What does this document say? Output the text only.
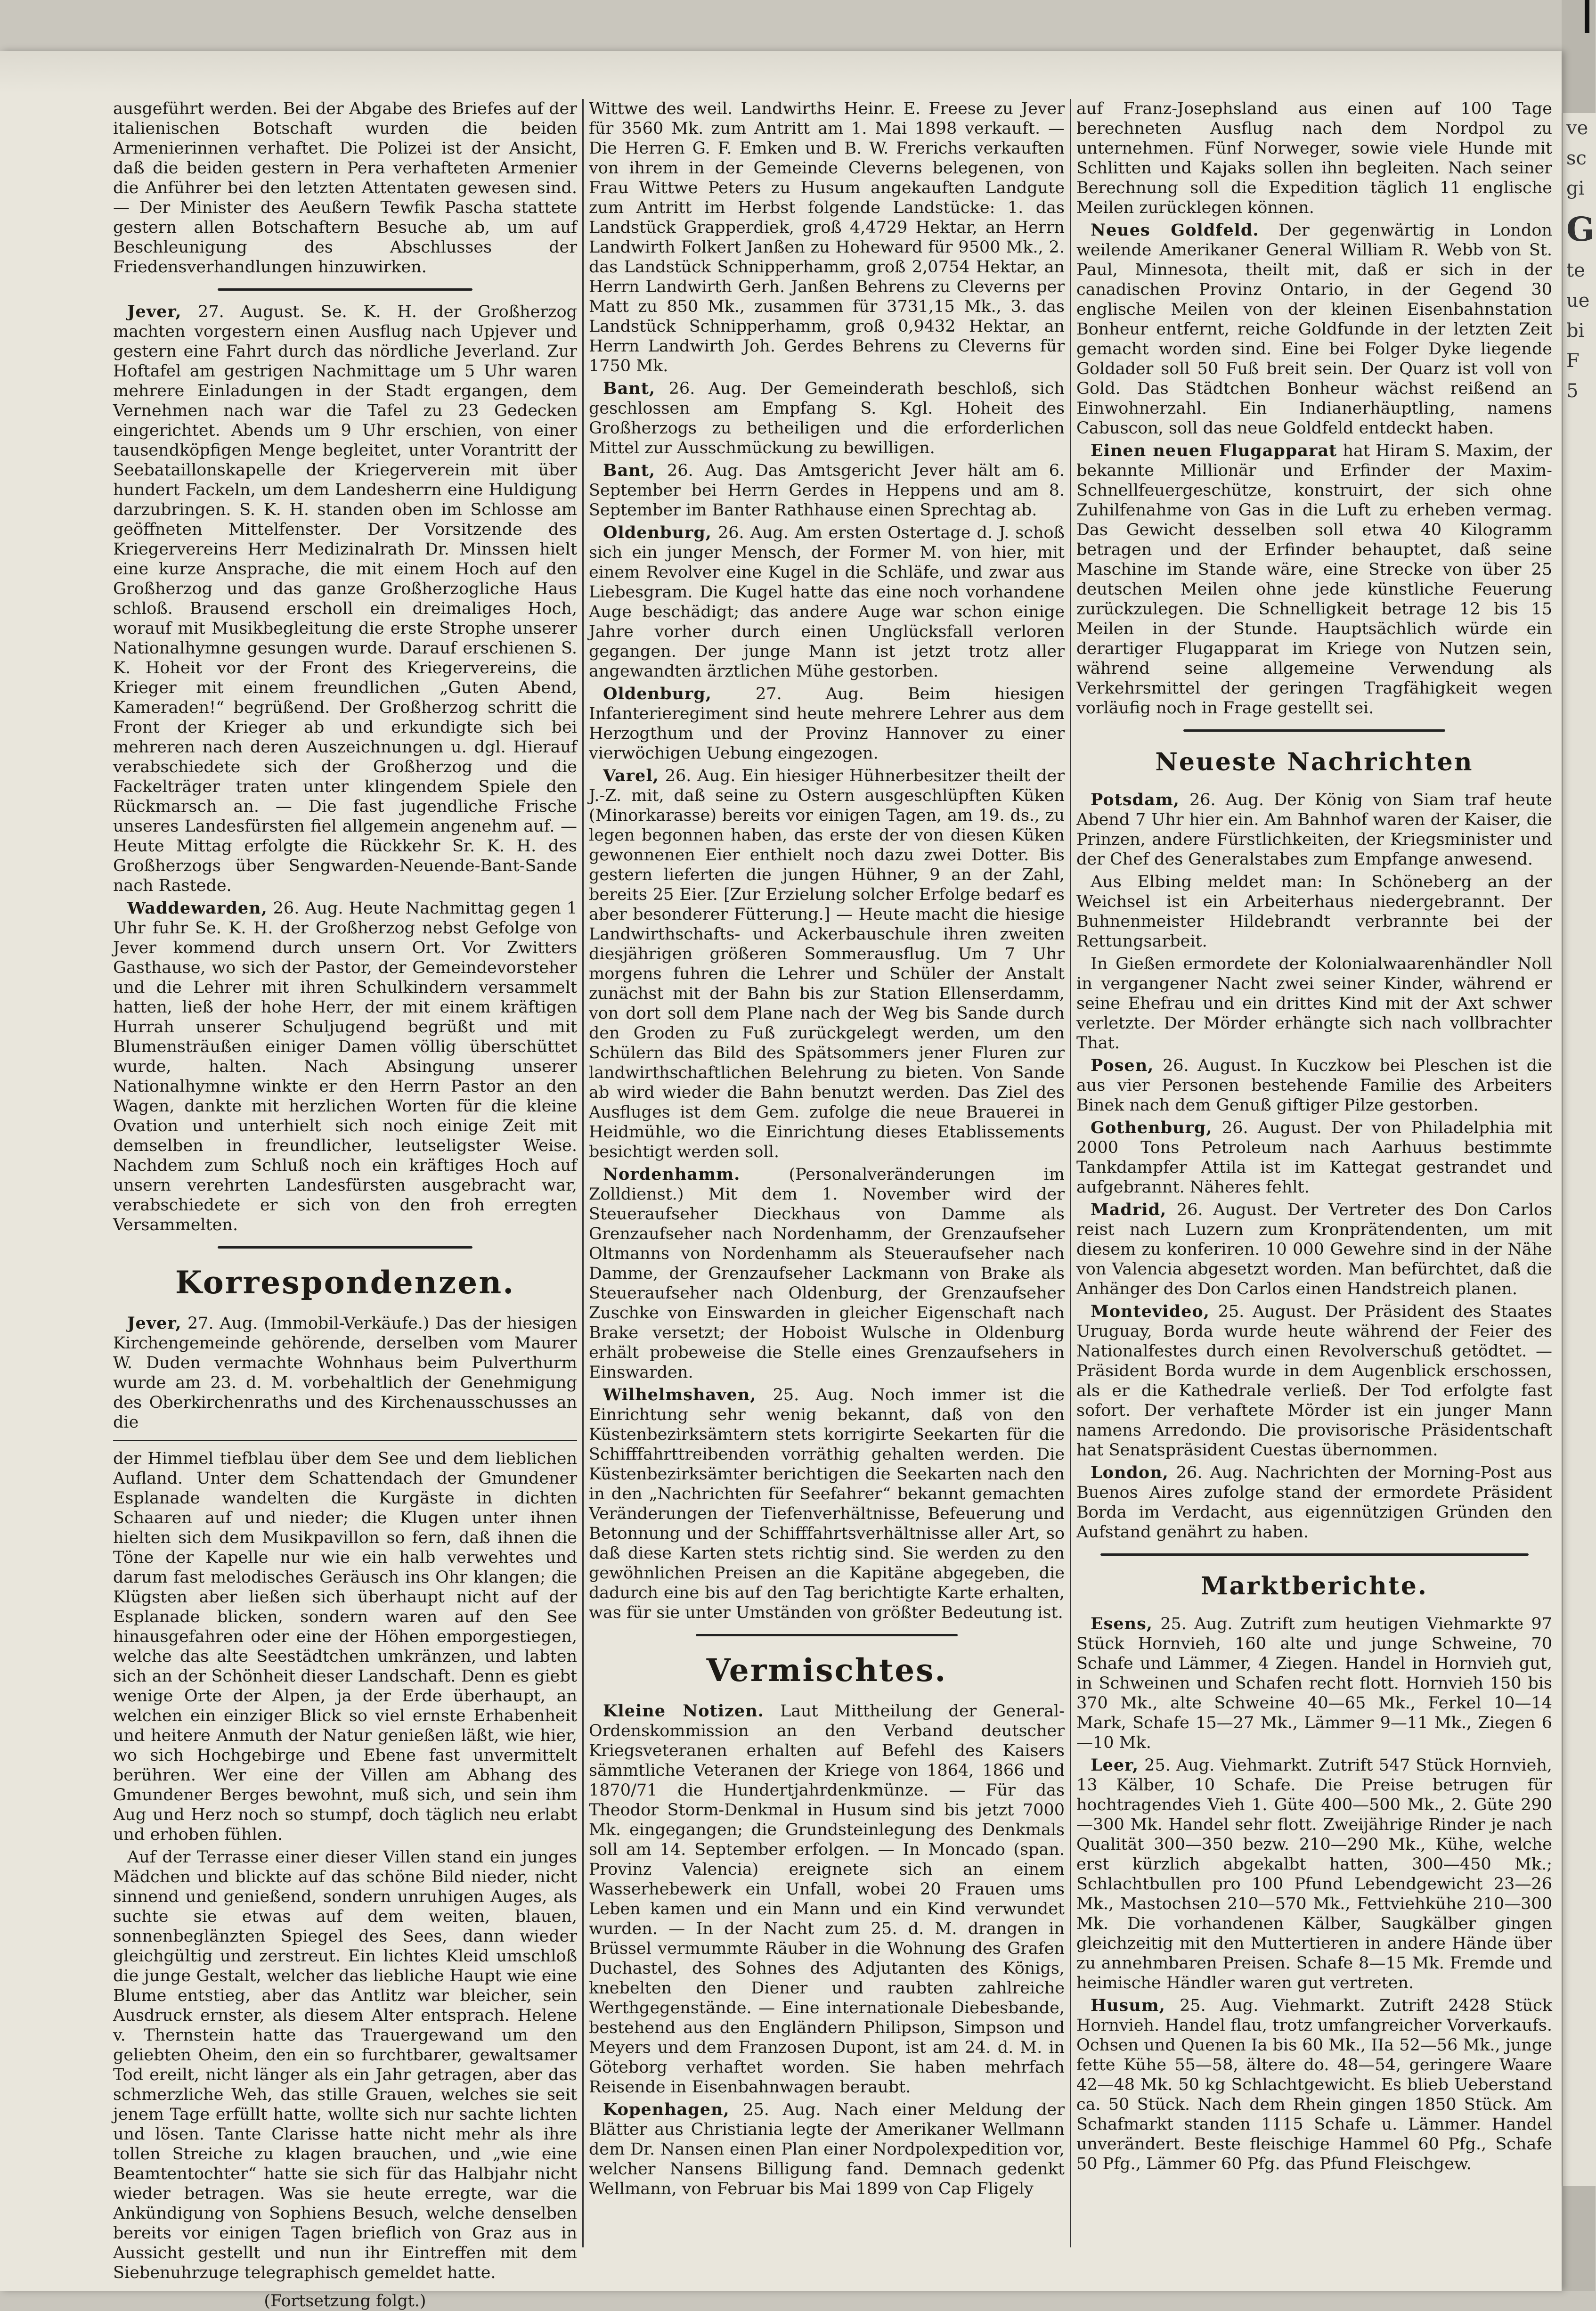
ve
sc
gi
G
te
ue
bi
F
5

ausgeführt werden. Bei der Abgabe des Briefes auf der italienischen Botschaft wurden die beiden Armenierinnen verhaftet. Die Polizei ist der Ansicht, daß die beiden gestern in Pera verhafteten Armenier die Anführer bei den letzten Attentaten gewesen sind. — Der Minister des Aeußern Tewfik Pascha stattete gestern allen Botschaftern Besuche ab, um auf Beschleunigung des Abschlusses der Friedensverhandlungen hinzuwirken.

Jever, 27. August. Se. K. H. der Großherzog machten vorgestern einen Ausflug nach Upjever und gestern eine Fahrt durch das nördliche Jeverland. Zur Hoftafel am gestrigen Nachmittage um 5 Uhr waren mehrere Einladungen in der Stadt ergangen, dem Vernehmen nach war die Tafel zu 23 Gedecken eingerichtet. Abends um 9 Uhr erschien, von einer tausendköpfigen Menge begleitet, unter Vorantritt der Seebataillonskapelle der Kriegerverein mit über hundert Fackeln, um dem Landesherrn eine Huldigung darzubringen. S. K. H. standen oben im Schlosse am geöffneten Mittelfenster. Der Vorsitzende des Kriegervereins Herr Medizinalrath Dr. Minssen hielt eine kurze Ansprache, die mit einem Hoch auf den Großherzog und das ganze Großherzogliche Haus schloß. Brausend erscholl ein dreimaliges Hoch, worauf mit Musikbegleitung die erste Strophe unserer Nationalhymne gesungen wurde. Darauf erschienen S. K. Hoheit vor der Front des Kriegervereins, die Krieger mit einem freundlichen „Guten Abend, Kameraden!“ begrüßend. Der Großherzog schritt die Front der Krieger ab und erkundigte sich bei mehreren nach deren Auszeichnungen u. dgl. Hierauf verabschiedete sich der Großherzog und die Fackelträger traten unter klingendem Spiele den Rückmarsch an. — Die fast jugendliche Frische unseres Landesfürsten fiel allgemein angenehm auf. — Heute Mittag erfolgte die Rückkehr Sr. K. H. des Großherzogs über Sengwarden-Neuende-Bant-Sande nach Rastede.

Waddewarden, 26. Aug. Heute Nachmittag gegen 1 Uhr fuhr Se. K. H. der Großherzog nebst Gefolge von Jever kommend durch unsern Ort. Vor Zwitters Gasthause, wo sich der Pastor, der Gemeindevorsteher und die Lehrer mit ihren Schulkindern versammelt hatten, ließ der hohe Herr, der mit einem kräftigen Hurrah unserer Schuljugend begrüßt und mit Blumensträußen einiger Damen völlig überschüttet wurde, halten. Nach Absingung unserer Nationalhymne winkte er den Herrn Pastor an den Wagen, dankte mit herzlichen Worten für die kleine Ovation und unterhielt sich noch einige Zeit mit demselben in freundlicher, leutseligster Weise. Nachdem zum Schluß noch ein kräftiges Hoch auf unsern verehrten Landesfürsten ausgebracht war, verabschiedete er sich von den froh erregten Versammelten.

Korrespondenzen.

Jever, 27. Aug. (Immobil-Verkäufe.) Das der hiesigen Kirchengemeinde gehörende, derselben vom Maurer W. Duden vermachte Wohnhaus beim Pulverthurm wurde am 23. d. M. vorbehaltlich der Genehmigung des Oberkirchenraths und des Kirchenausschusses an die

der Himmel tiefblau über dem See und dem lieblichen Aufland. Unter dem Schattendach der Gmundener Esplanade wandelten die Kurgäste in dichten Schaaren auf und nieder; die Klugen unter ihnen hielten sich dem Musikpavillon so fern, daß ihnen die Töne der Kapelle nur wie ein halb verwehtes und darum fast melodisches Geräusch ins Ohr klangen; die Klügsten aber ließen sich überhaupt nicht auf der Esplanade blicken, sondern waren auf den See hinausgefahren oder eine der Höhen emporgestiegen, welche das alte Seestädtchen umkränzen, und labten sich an der Schönheit dieser Landschaft. Denn es giebt wenige Orte der Alpen, ja der Erde überhaupt, an welchen ein einziger Blick so viel ernste Erhabenheit und heitere Anmuth der Natur genießen läßt, wie hier, wo sich Hochgebirge und Ebene fast unvermittelt berühren. Wer eine der Villen am Abhang des Gmundener Berges bewohnt, muß sich, und sein ihm Aug und Herz noch so stumpf, doch täglich neu erlabt und erhoben fühlen.

Auf der Terrasse einer dieser Villen stand ein junges Mädchen und blickte auf das schöne Bild nieder, nicht sinnend und genießend, sondern unruhigen Auges, als suchte sie etwas auf dem weiten, blauen, sonnenbeglänzten Spiegel des Sees, dann wieder gleichgültig und zerstreut. Ein lichtes Kleid umschloß die junge Gestalt, welcher das liebliche Haupt wie eine Blume entstieg, aber das Antlitz war bleicher, sein Ausdruck ernster, als diesem Alter entsprach. Helene v. Thernstein hatte das Trauergewand um den geliebten Oheim, den ein so furchtbarer, gewaltsamer Tod ereilt, nicht länger als ein Jahr getragen, aber das schmerzliche Weh, das stille Grauen, welches sie seit jenem Tage erfüllt hatte, wollte sich nur sachte lichten und lösen. Tante Clarisse hatte nicht mehr als ihre tollen Streiche zu klagen brauchen, und „wie eine Beamtentochter“ hatte sie sich für das Halbjahr nicht wieder betragen. Was sie heute erregte, war die Ankündigung von Sophiens Besuch, welche denselben bereits vor einigen Tagen brieflich von Graz aus in Aussicht gestellt und nun ihr Eintreffen mit dem Siebenuhrzuge telegraphisch gemeldet hatte.

(Fortsetzung folgt.)

Wittwe des weil. Landwirths Heinr. E. Freese zu Jever für 3560 Mk. zum Antritt am 1. Mai 1898 verkauft. — Die Herren G. F. Emken und B. W. Frerichs verkauften von ihrem in der Gemeinde Cleverns belegenen, von Frau Wittwe Peters zu Husum angekauften Landgute zum Antritt im Herbst folgende Landstücke: 1. das Landstück Grapperdiek, groß 4,4729 Hektar, an Herrn Landwirth Folkert Janßen zu Hoheward für 9500 Mk., 2. das Landstück Schnipperhamm, groß 2,0754 Hektar, an Herrn Landwirth Gerh. Janßen Behrens zu Cleverns per Matt zu 850 Mk., zusammen für 3731,15 Mk., 3. das Landstück Schnipperhamm, groß 0,9432 Hektar, an Herrn Landwirth Joh. Gerdes Behrens zu Cleverns für 1750 Mk.

Bant, 26. Aug. Der Gemeinderath beschloß, sich geschlossen am Empfang S. Kgl. Hoheit des Großherzogs zu betheiligen und die erforderlichen Mittel zur Ausschmückung zu bewilligen.

Bant, 26. Aug. Das Amtsgericht Jever hält am 6. September bei Herrn Gerdes in Heppens und am 8. September im Banter Rathhause einen Sprechtag ab.

Oldenburg, 26. Aug. Am ersten Ostertage d. J. schoß sich ein junger Mensch, der Former M. von hier, mit einem Revolver eine Kugel in die Schläfe, und zwar aus Liebesgram. Die Kugel hatte das eine noch vorhandene Auge beschädigt; das andere Auge war schon einige Jahre vorher durch einen Unglücksfall verloren gegangen. Der junge Mann ist jetzt trotz aller angewandten ärztlichen Mühe gestorben.

Oldenburg,	27. Aug. Beim hiesigen Infanterieregiment sind heute mehrere Lehrer aus dem Herzogthum und der Provinz Hannover zu einer vierwöchigen Uebung eingezogen.

Varel, 26. Aug. Ein hiesiger Hühnerbesitzer theilt der J.-Z. mit, daß seine zu Ostern ausgeschlüpften Küken (Minorkarasse) bereits vor einigen Tagen, am 19. ds., zu legen begonnen haben, das erste der von diesen Küken gewonnenen Eier enthielt noch dazu zwei Dotter. Bis gestern lieferten die jungen Hühner, 9 an der Zahl, bereits 25 Eier. [Zur Erzielung solcher Erfolge bedarf es aber besonderer Fütterung.] — Heute macht die hiesige Landwirthschafts- und Ackerbauschule ihren zweiten diesjährigen größeren Sommerausflug. Um 7 Uhr morgens fuhren die Lehrer und Schüler der Anstalt zunächst mit der Bahn bis zur Station Ellenserdamm, von dort soll dem Plane nach der Weg bis Sande durch den Groden zu Fuß zurückgelegt werden, um den Schülern das Bild des Spätsommers jener Fluren zur landwirthschaftlichen Belehrung zu bieten. Von Sande ab wird wieder die Bahn benutzt werden. Das Ziel des Ausfluges ist dem Gem. zufolge die neue Brauerei in Heidmühle, wo die Einrichtung dieses Etablissements besichtigt werden soll.

Nordenhamm.	(Personalveränderungen im Zolldienst.) Mit dem 1. November wird der Steueraufseher Dieckhaus von Damme als Grenzaufseher nach Nordenhamm, der Grenzaufseher Oltmanns von Nordenhamm als Steueraufseher nach Damme, der Grenzaufseher Lackmann von Brake als Steueraufseher nach Oldenburg, der Grenzaufseher Zuschke von Einswarden in gleicher Eigenschaft nach Brake versetzt; der Hoboist Wulsche in Oldenburg erhält probeweise die Stelle eines Grenzaufsehers in Einswarden.

Wilhelmshaven, 25. Aug. Noch immer ist die Einrichtung sehr wenig bekannt, daß von den Küstenbezirksämtern stets korrigirte Seekarten für die Schifffahrttreibenden vorräthig gehalten werden. Die Küstenbezirksämter berichtigen die Seekarten nach den in den „Nachrichten für Seefahrer“ bekannt gemachten Veränderungen der Tiefenverhältnisse, Befeuerung und Betonnung und der Schifffahrtsverhältnisse aller Art, so daß diese Karten stets richtig sind. Sie werden zu den gewöhnlichen Preisen an die Kapitäne abgegeben, die dadurch eine bis auf den Tag berichtigte Karte erhalten, was für sie unter Umständen von größter Bedeutung ist.

Vermischtes.

Kleine Notizen. Laut Mittheilung der General-Ordenskommission an den Verband deutscher Kriegsveteranen erhalten auf Befehl des Kaisers sämmtliche Veteranen der Kriege von 1864, 1866 und 1870/71 die Hundertjahrdenkmünze. — Für das Theodor Storm-Denkmal in Husum sind bis jetzt 7000 Mk. eingegangen; die Grundsteinlegung des Denkmals soll am 14. September erfolgen. — In Moncado (span. Provinz Valencia) ereignete sich an einem Wasserhebewerk ein Unfall, wobei 20 Frauen ums Leben kamen und ein Mann und ein Kind verwundet wurden. — In der Nacht zum 25. d. M. drangen in Brüssel vermummte Räuber in die Wohnung des Grafen Duchastel, des Sohnes des Adjutanten des Königs, knebelten den Diener und raubten zahlreiche Werthgegenstände. — Eine internationale Diebesbande, bestehend aus den Engländern Philipson, Simpson und Meyers und dem Franzosen Dupont, ist am 24. d. M. in Göteborg verhaftet worden. Sie haben mehrfach Reisende in Eisenbahnwagen beraubt.

Kopenhagen, 25. Aug. Nach einer Meldung der Blätter aus Christiania legte der Amerikaner Wellmann dem Dr. Nansen einen Plan einer Nordpolexpedition vor, welcher Nansens Billigung fand. Demnach gedenkt Wellmann, von Februar bis Mai 1899 von Cap Fligely

auf Franz-Josephsland aus einen auf 100 Tage berechneten Ausflug nach dem Nordpol zu unternehmen. Fünf Norweger, sowie viele Hunde mit Schlitten und Kajaks sollen ihn begleiten. Nach seiner Berechnung soll die Expedition täglich 11 englische Meilen zurücklegen können.

Neues Goldfeld. Der gegenwärtig in London weilende Amerikaner General William R. Webb von St. Paul, Minnesota, theilt mit, daß er sich in der canadischen Provinz Ontario, in der Gegend 30 englische Meilen von der kleinen Eisenbahnstation Bonheur entfernt, reiche Goldfunde in der letzten Zeit gemacht worden sind. Eine bei Folger Dyke liegende Goldader soll 50 Fuß breit sein. Der Quarz ist voll von Gold. Das Städtchen Bonheur wächst reißend an Einwohnerzahl. Ein Indianerhäuptling, namens Cabuscon, soll das neue Goldfeld entdeckt haben.

Einen neuen Flugapparat hat Hiram S. Maxim, der bekannte Millionär und Erfinder der Maxim-Schnellfeuergeschütze, konstruirt, der sich ohne Zuhilfenahme von Gas in die Luft zu erheben vermag. Das Gewicht desselben soll etwa 40 Kilogramm betragen und der Erfinder behauptet, daß seine Maschine im Stande wäre, eine Strecke von über 25 deutschen Meilen ohne jede künstliche Feuerung zurückzulegen. Die Schnelligkeit betrage 12 bis 15 Meilen in der Stunde. Hauptsächlich würde ein derartiger Flugapparat im Kriege von Nutzen sein, während seine allgemeine Verwendung als Verkehrsmittel der geringen Tragfähigkeit wegen vorläufig noch in Frage gestellt sei.

Neueste Nachrichten

Potsdam, 26. Aug. Der König von Siam traf heute Abend 7 Uhr hier ein. Am Bahnhof waren der Kaiser, die Prinzen, andere Fürstlichkeiten, der Kriegsminister und der Chef des Generalstabes zum Empfange anwesend.

Aus Elbing meldet man: In Schöneberg an der Weichsel ist ein Arbeiterhaus niedergebrannt. Der Buhnenmeister Hildebrandt verbrannte bei der Rettungsarbeit.

In Gießen ermordete der Kolonialwaarenhändler Noll in vergangener Nacht zwei seiner Kinder, während er seine Ehefrau und ein drittes Kind mit der Axt schwer verletzte. Der Mörder erhängte sich nach vollbrachter That.

Posen, 26. August. In Kuczkow bei Pleschen ist die aus vier Personen bestehende Familie des Arbeiters Binek nach dem Genuß giftiger Pilze gestorben.

Gothenburg, 26. August. Der von Philadelphia mit 2000 Tons Petroleum nach Aarhuus bestimmte Tankdampfer Attila ist im Kattegat gestrandet und aufgebrannt. Näheres fehlt.

Madrid, 26. August. Der Vertreter des Don Carlos reist nach Luzern zum Kronprätendenten, um mit diesem zu konferiren. 10 000 Gewehre sind in der Nähe von Valencia abgesetzt worden. Man befürchtet, daß die Anhänger des Don Carlos einen Handstreich planen.

Montevideo, 25. August. Der Präsident des Staates Uruguay, Borda wurde heute während der Feier des Nationalfestes durch einen Revolverschuß getödtet. — Präsident Borda wurde in dem Augenblick erschossen, als er die Kathedrale verließ. Der Tod erfolgte fast sofort. Der verhaftete Mörder ist ein junger Mann namens Arredondo. Die provisorische Präsidentschaft hat Senatspräsident Cuestas übernommen.

London, 26. Aug. Nachrichten der Morning-Post aus Buenos Aires zufolge stand der ermordete Präsident Borda im Verdacht, aus eigennützigen Gründen den Aufstand genährt zu haben.

Marktberichte.

Esens, 25. Aug. Zutrift zum heutigen Viehmarkte 97 Stück Hornvieh, 160 alte und junge Schweine, 70 Schafe und Lämmer, 4 Ziegen. Handel in Hornvieh gut, in Schweinen und Schafen recht flott. Hornvieh 150 bis 370 Mk., alte Schweine 40—65 Mk., Ferkel 10—14 Mark, Schafe 15—27 Mk., Lämmer 9—11 Mk., Ziegen 6—10 Mk.

Leer, 25. Aug. Viehmarkt. Zutrift 547 Stück Hornvieh, 13 Kälber, 10 Schafe. Die Preise betrugen für hochtragendes Vieh 1. Güte 400—500 Mk., 2. Güte 290—300 Mk. Handel sehr flott. Zweijährige Rinder je nach Qualität 300—350 bezw. 210—290 Mk., Kühe, welche erst kürzlich abgekalbt hatten, 300—450 Mk.; Schlachtbullen pro 100 Pfund Lebendgewicht 23—26 Mk., Mastochsen 210—570 Mk., Fettviehkühe 210—300 Mk. Die vorhandenen Kälber, Saugkälber gingen gleichzeitig mit den Muttertieren in andere Hände über zu annehmbaren Preisen. Schafe 8—15 Mk. Fremde und heimische Händler waren gut vertreten.

Husum, 25. Aug. Viehmarkt. Zutrift 2428 Stück Hornvieh. Handel flau, trotz umfangreicher Vorverkaufs. Ochsen und Quenen Ia bis 60 Mk., IIa 52—56 Mk., junge fette Kühe 55—58, ältere do. 48—54, geringere Waare 42—48 Mk. 50 kg Schlachtgewicht. Es blieb Ueberstand ca. 50 Stück. Nach dem Rhein gingen 1850 Stück. Am Schafmarkt standen 1115 Schafe u. Lämmer. Handel unverändert. Beste fleischige Hammel 60 Pfg., Schafe 50 Pfg., Lämmer 60 Pfg. das Pfund Fleischgew.
